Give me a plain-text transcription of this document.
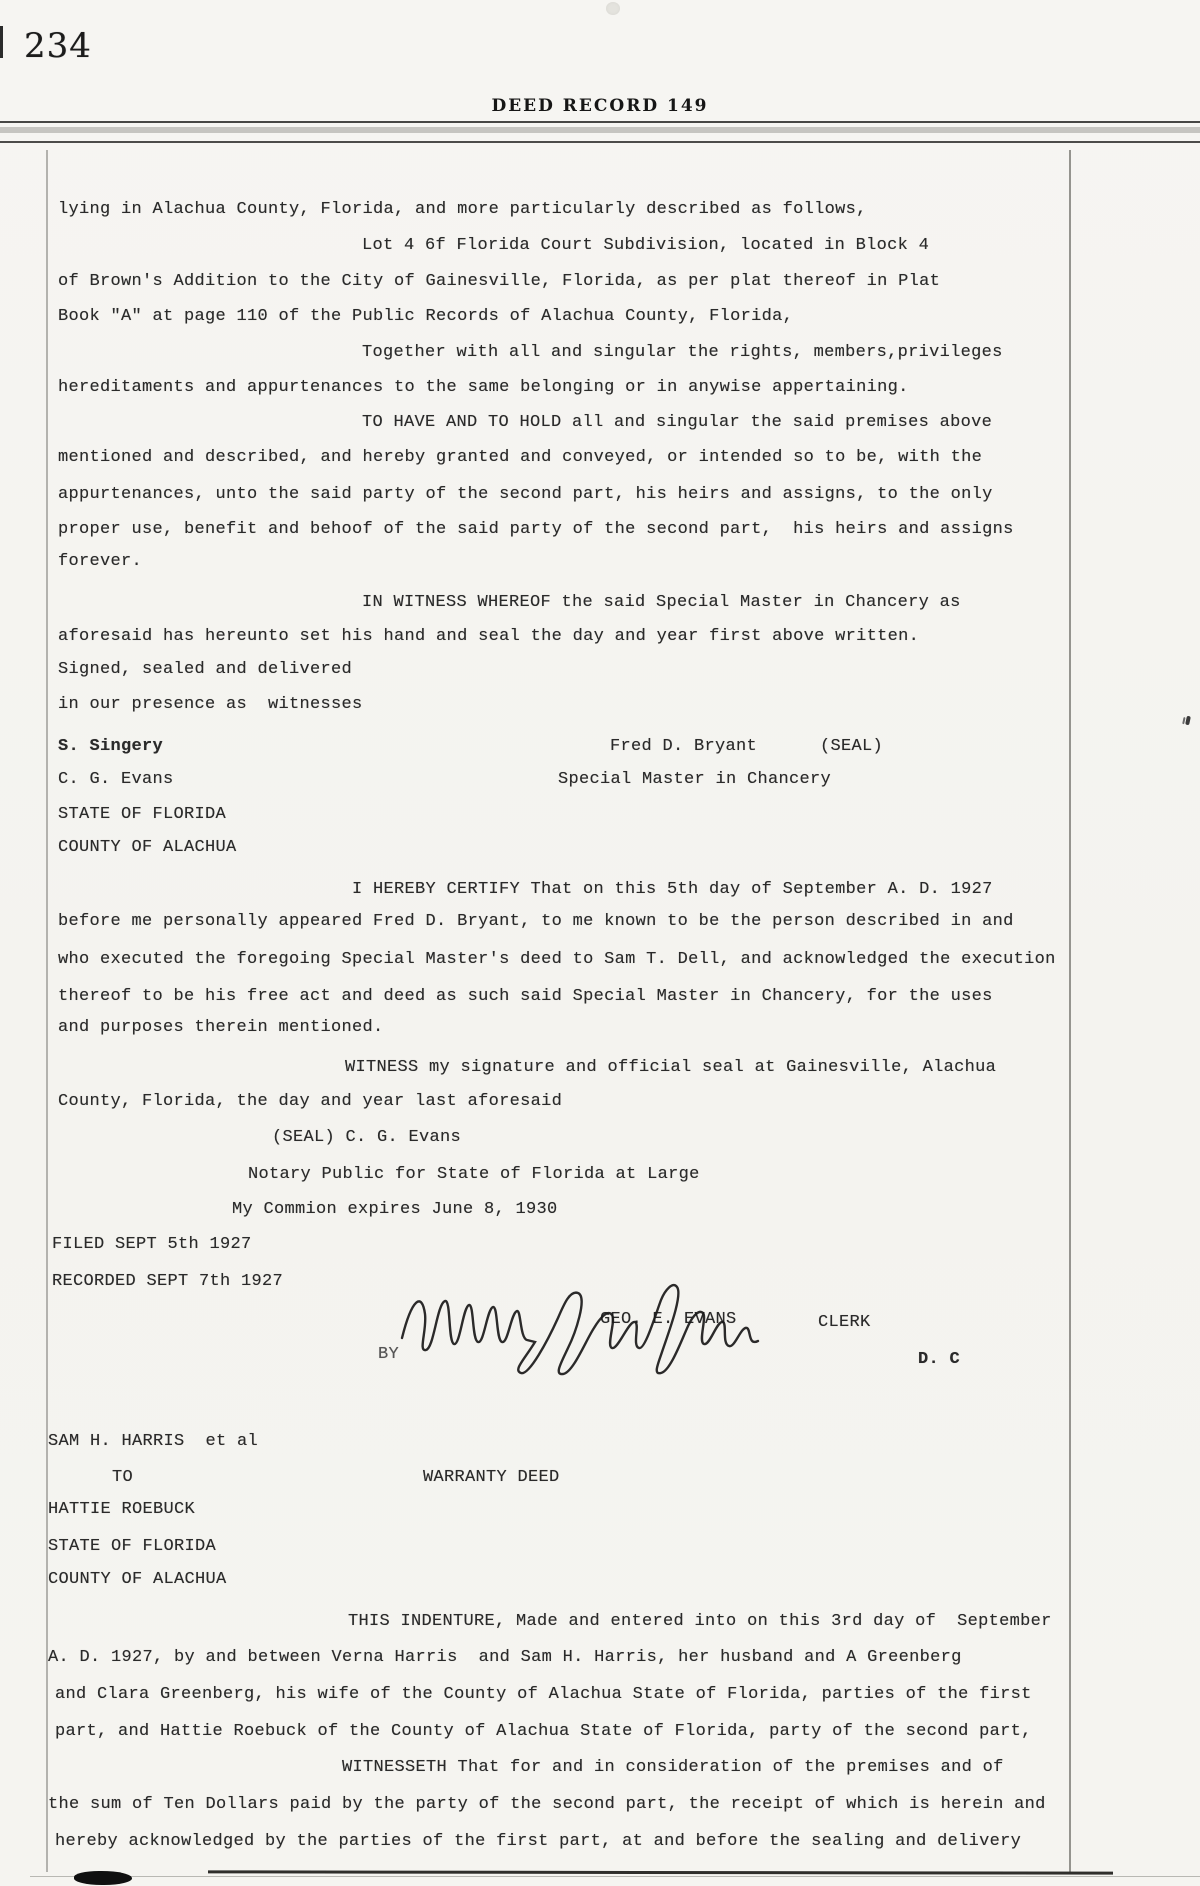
234
DEED RECORD 149
lying in Alachua County, Florida, and more particularly described as follows,
Lot 4 6f Florida Court Subdivision, located in Block 4
of Brown's Addition to the City of Gainesville, Florida, as per plat thereof in Plat
Book "A" at page 110 of the Public Records of Alachua County, Florida,
Together with all and singular the rights, members,privileges
hereditaments and appurtenances to the same belonging or in anywise appertaining.
TO HAVE AND TO HOLD all and singular the said premises above
mentioned and described, and hereby granted and conveyed, or intended so to be, with the
appurtenances, unto the said party of the second part, his heirs and assigns, to the only
proper use, benefit and behoof of the said party of the second part,  his heirs and assigns
forever.
IN WITNESS WHEREOF the said Special Master in Chancery as
aforesaid has hereunto set his hand and seal the day and year first above written.
Signed, sealed and delivered
in our presence as  witnesses
S. Singery	Fred D. Bryant	(SEAL)
C. G. Evans	Special Master in Chancery
STATE OF FLORIDA
COUNTY OF ALACHUA
I HEREBY CERTIFY That on this 5th day of September A. D. 1927
before me personally appeared Fred D. Bryant, to me known to be the person described in and
who executed the foregoing Special Master's deed to Sam T. Dell, and acknowledged the execution
thereof to be his free act and deed as such said Special Master in Chancery, for the uses
and purposes therein mentioned.
WITNESS my signature and official seal at Gainesville, Alachua
County, Florida, the day and year last aforesaid
(SEAL) C. G. Evans
Notary Public for State of Florida at Large
My Commion expires June 8, 1930
FILED SEPT 5th 1927
RECORDED SEPT 7th 1927
BY
GEO. E. EVANS	CLERK
D. C
SAM H. HARRIS  et al
TO	WARRANTY DEED
HATTIE ROEBUCK
STATE OF FLORIDA
COUNTY OF ALACHUA
THIS INDENTURE, Made and entered into on this 3rd day of  September
A. D. 1927, by and between Verna Harris  and Sam H. Harris, her husband and A Greenberg
and Clara Greenberg, his wife of the County of Alachua State of Florida, parties of the first
part, and Hattie Roebuck of the County of Alachua State of Florida, party of the second part,
WITNESSETH That for and in consideration of the premises and of
the sum of Ten Dollars paid by the party of the second part, the receipt of which is herein and
hereby acknowledged by the parties of the first part, at and before the sealing and delivery
